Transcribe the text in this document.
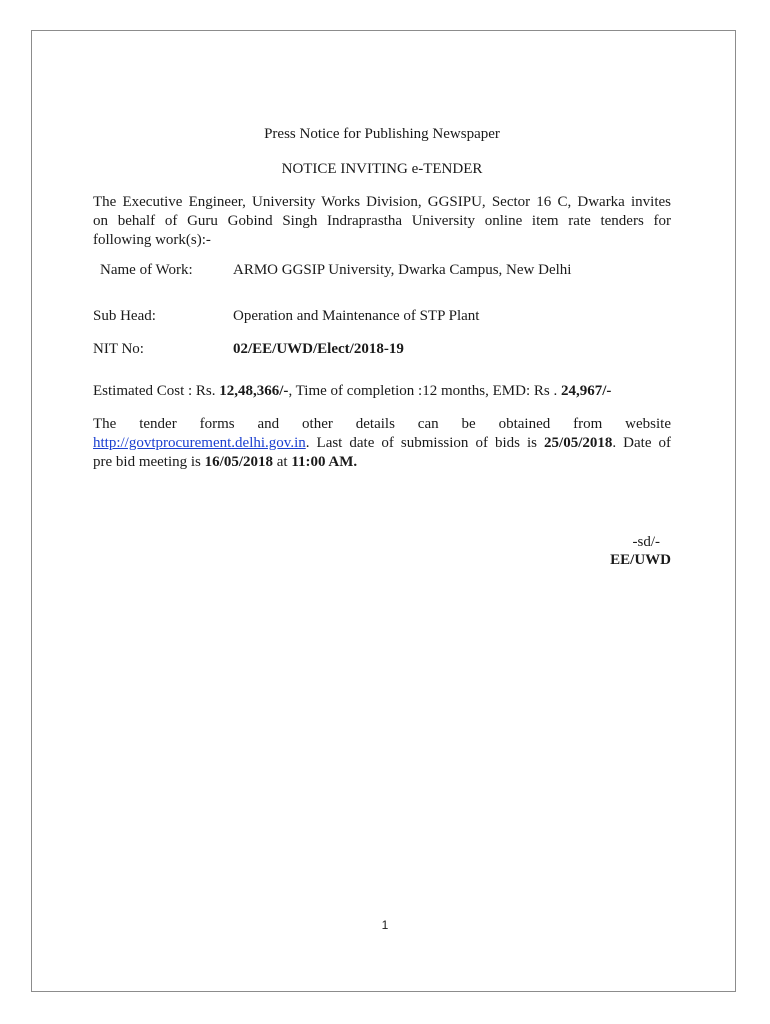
Press Notice for Publishing Newspaper
NOTICE INVITING e-TENDER
The Executive Engineer, University Works Division, GGSIPU, Sector 16 C, Dwarka invites
on behalf of Guru Gobind Singh Indraprastha University online item rate tenders for
following work(s):-
Name of Work:	ARMO GGSIP University, Dwarka Campus, New Delhi
Sub Head:	Operation and Maintenance of STP Plant
NIT No:	02/EE/UWD/Elect/2018-19
Estimated Cost : Rs. 12,48,366/-, Time of completion :12 months, EMD: Rs . 24,967/-
The tender forms and other details can be obtained from website
http://govtprocurement.delhi.gov.in. Last date of submission of bids is 25/05/2018. Date of
pre bid meeting is 16/05/2018 at 11:00 AM.
-sd/-
EE/UWD
1
